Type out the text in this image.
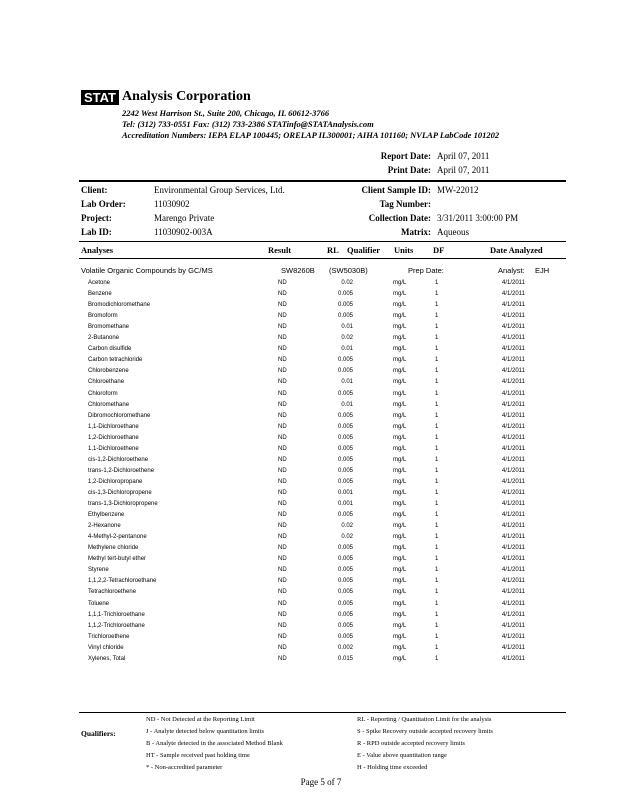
STAT Analysis Corporation
2242 West Harrison St., Suite 200, Chicago, IL 60612-3766
Tel: (312) 733-0551 Fax: (312) 733-2386 STATinfo@STATAnalysis.com
Accreditation Numbers: IEPA ELAP 100445; ORELAP IL300001; AIHA 101160; NVLAP LabCode 101202
Report Date: April 07, 2011
Print Date: April 07, 2011
Client:	Environmental Group Services, Ltd.
Lab Order:	11030902
Project:	Marengo Private
Lab ID:	11030902-003A
Client Sample ID: MW-22012
Tag Number:
Collection Date: 3/31/2011 3:00:00 PM
Matrix: Aqueous
Analyses	Result	RL Qualifier Units DF	Date Analyzed
Volatile Organic Compounds by GC/MS	SW8260B (SW5030B)	Prep Date:	Analyst: EJH
Acetone	ND	0.02	mg/L	1	4/1/2011
Benzene	ND	0.005	mg/L	1	4/1/2011
Bromodichloromethane	ND	0.005	mg/L	1	4/1/2011
Bromoform	ND	0.005	mg/L	1	4/1/2011
Bromomethane	ND	0.01	mg/L	1	4/1/2011
2-Butanone	ND	0.02	mg/L	1	4/1/2011
Carbon disulfide	ND	0.01	mg/L	1	4/1/2011
Carbon tetrachloride	ND	0.005	mg/L	1	4/1/2011
Chlorobenzene	ND	0.005	mg/L	1	4/1/2011
Chloroethane	ND	0.01	mg/L	1	4/1/2011
Chloroform	ND	0.005	mg/L	1	4/1/2011
Chloromethane	ND	0.01	mg/L	1	4/1/2011
Dibromochloromethane	ND	0.005	mg/L	1	4/1/2011
1,1-Dichloroethane	ND	0.005	mg/L	1	4/1/2011
1,2-Dichloroethane	ND	0.005	mg/L	1	4/1/2011
1,1-Dichloroethene	ND	0.005	mg/L	1	4/1/2011
cis-1,2-Dichloroethene	ND	0.005	mg/L	1	4/1/2011
trans-1,2-Dichloroethene	ND	0.005	mg/L	1	4/1/2011
1,2-Dichloropropane	ND	0.005	mg/L	1	4/1/2011
cis-1,3-Dichloropropene	ND	0.001	mg/L	1	4/1/2011
trans-1,3-Dichloropropene	ND	0.001	mg/L	1	4/1/2011
Ethylbenzene	ND	0.005	mg/L	1	4/1/2011
2-Hexanone	ND	0.02	mg/L	1	4/1/2011
4-Methyl-2-pentanone	ND	0.02	mg/L	1	4/1/2011
Methylene chloride	ND	0.005	mg/L	1	4/1/2011
Methyl tert-butyl ether	ND	0.005	mg/L	1	4/1/2011
Styrene	ND	0.005	mg/L	1	4/1/2011
1,1,2,2-Tetrachloroethane	ND	0.005	mg/L	1	4/1/2011
Tetrachloroethene	ND	0.005	mg/L	1	4/1/2011
Toluene	ND	0.005	mg/L	1	4/1/2011
1,1,1-Trichloroethane	ND	0.005	mg/L	1	4/1/2011
1,1,2-Trichloroethane	ND	0.005	mg/L	1	4/1/2011
Trichloroethene	ND	0.005	mg/L	1	4/1/2011
Vinyl chloride	ND	0.002	mg/L	1	4/1/2011
Xylenes, Total	ND	0.015	mg/L	1	4/1/2011
Qualifiers:
ND - Not Detected at the Reporting Limit
J - Analyte detected below quantitation limits
B - Analyte detected in the associated Method Blank
HT - Sample received past holding time
* - Non-accredited parameter
RL - Reporting / Quantitation Limit for the analysis
S - Spike Recovery outside accepted recovery limits
R - RPD outside accepted recovery limits
E - Value above quantitation range
H - Holding time exceeded
Page 5 of 7
